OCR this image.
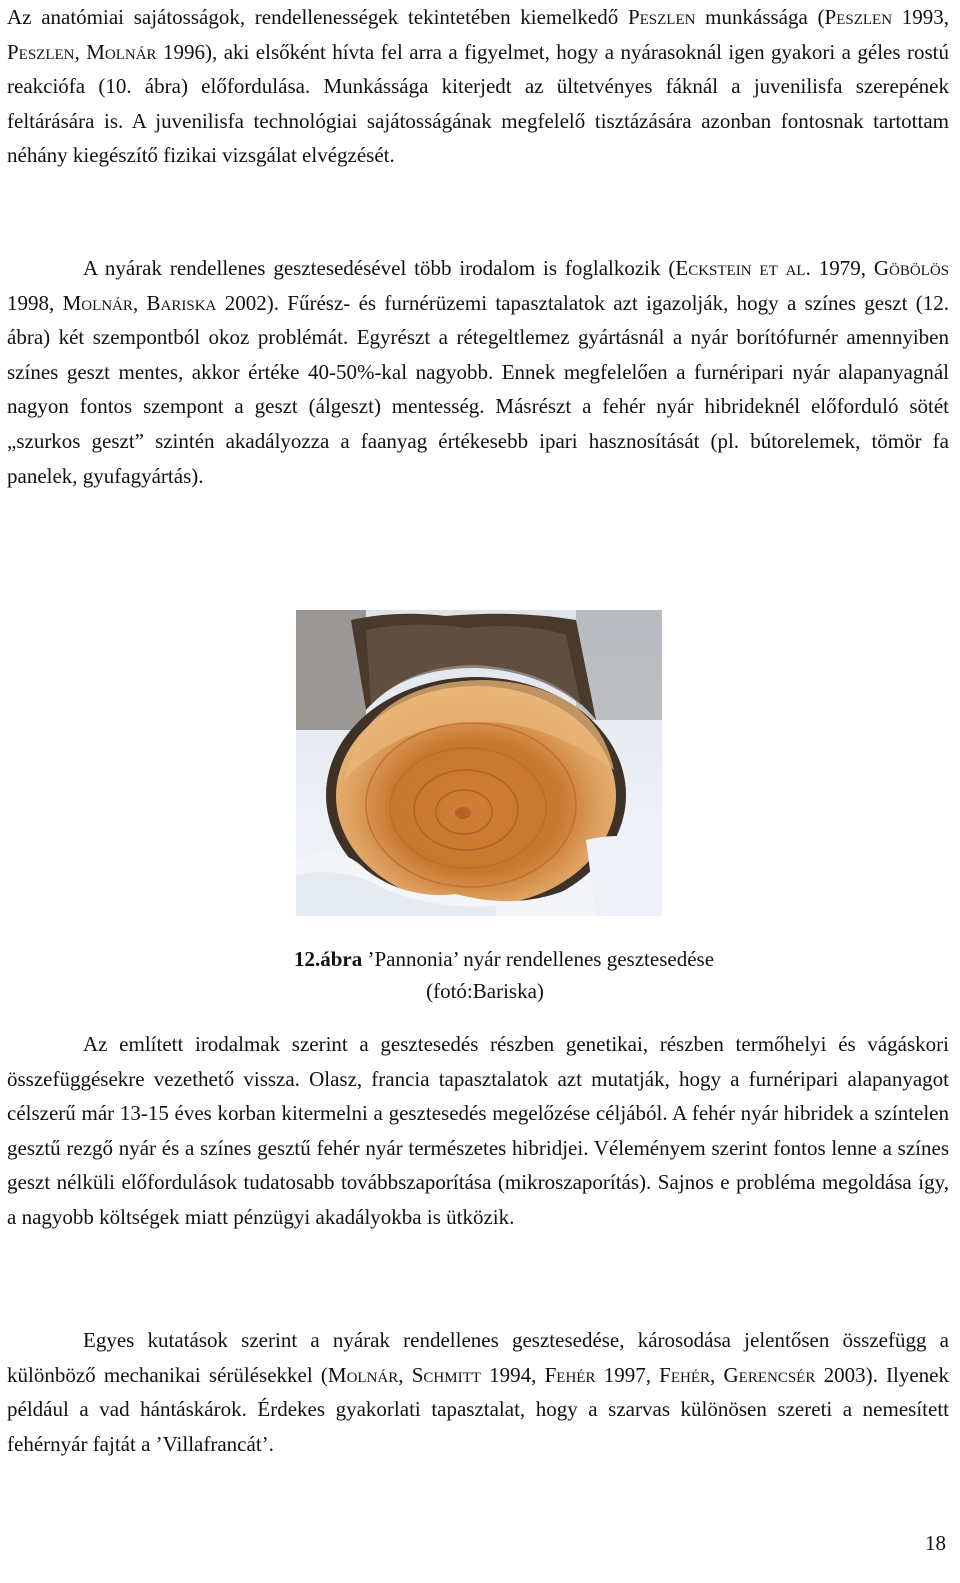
Az anatómiai sajátosságok, rendellenességek tekintetében kiemelkedő Peszlen munkássága (Peszlen 1993, Peszlen, Molnár 1996), aki elsőként hívta fel arra a figyelmet, hogy a nyárasoknál igen gyakori a géles rostú reakciófa (10. ábra) előfordulása. Munkássága kiterjedt az ültetvényes fáknál a juvenilisfa szerepének feltárására is. A juvenilisfa technológiai sajátosságának megfelelő tisztázására azonban fontosnak tartottam néhány kiegészítő fizikai vizsgálat elvégzését.

A nyárak rendellenes gesztesedésével több irodalom is foglalkozik (Eckstein et al. 1979, Göbölös 1998, Molnár, Bariska 2002). Fűrész- és furnérüzemi tapasztalatok azt igazolják, hogy a színes geszt (12. ábra) két szempontból okoz problémát. Egyrészt a rétegeltlemez gyártásnál a nyár borítófurnér amennyiben színes geszt mentes, akkor értéke 40-50%-kal nagyobb. Ennek megfelelően a furnéripari nyár alapanyagnál nagyon fontos szempont a geszt (álgeszt) mentesség. Másrészt a fehér nyár hibrideknél előforduló sötét „szurkos geszt” szintén akadályozza a faanyag értékesebb ipari hasznosítását (pl. bútorelemek, tömör fa panelek, gyufagyártás).

12.ábra ’Pannonia’ nyár rendellenes gesztesedése
(fotó:Bariska)

Az említett irodalmak szerint a gesztesedés részben genetikai, részben termőhelyi és vágáskori összefüggésekre vezethető vissza. Olasz, francia tapasztalatok azt mutatják, hogy a furnéripari alapanyagot célszerű már 13-15 éves korban kitermelni a gesztesedés megelőzése céljából. A fehér nyár hibridek a színtelen gesztű rezgő nyár és a színes gesztű fehér nyár természetes hibridjei. Véleményem szerint fontos lenne a színes geszt nélküli előfordulások tudatosabb továbbszaporítása (mikroszaporítás). Sajnos e probléma megoldása így, a nagyobb költségek miatt pénzügyi akadályokba is ütközik.

Egyes kutatások szerint a nyárak rendellenes gesztesedése, károsodása jelentősen összefügg a különböző mechanikai sérülésekkel (Molnár, Schmitt 1994, Fehér 1997, Fehér, Gerencsér 2003). Ilyenek például a vad hántáskárok. Érdekes gyakorlati tapasztalat, hogy a szarvas különösen szereti a nemesített fehérnyár fajtát a ’Villafrancát’.

18
